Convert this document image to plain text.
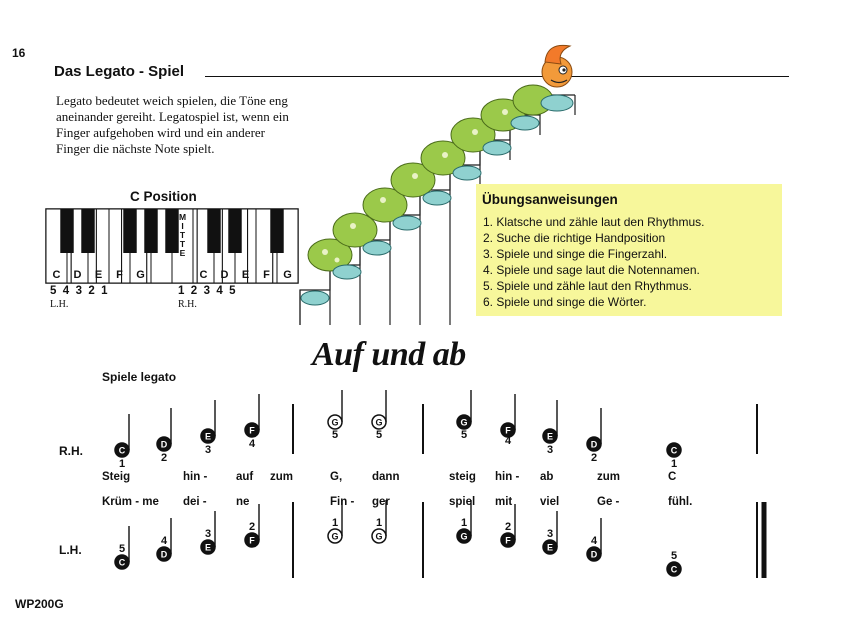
16
Das Legato - Spiel
Legato bedeutet weich spielen, die Töne eng
aneinander gereiht. Legatospiel ist, wenn ein
Finger aufgehoben wird und ein anderer
Finger die nächste Note spielt.
C Position
C D E F G	C D E F G
M
I
T
T
E
5  4  3  2  1	1  2  3  4  5
L.H.	R.H.
Übungsanweisungen
1. Klatsche und zähle laut den Rhythmus.
2. Suche die richtige Handposition
3. Spiele und singe die Fingerzahl.
4. Spiele und sage laut die Notennamen.
5. Spiele und zähle laut den Rhythmus.
6. Spiele und singe die Wörter.
Auf und ab
Spiele legato
R.H.
L.H.
C
1
D
2
E
3
F
4
G
5
G
5
G
5	F
4	E
3	D
2
C
1
C
5	D
4
E
3
F
2
G
1
G
1
G
1
F
2
E
3
D
4
C
5
Steig	hin - auf zum	G,	dann	steig hin - ab	zum	C
Krüm - me dei -	ne	Fin - ger	spiel mit viel	Ge -	fühl.
WP200G
